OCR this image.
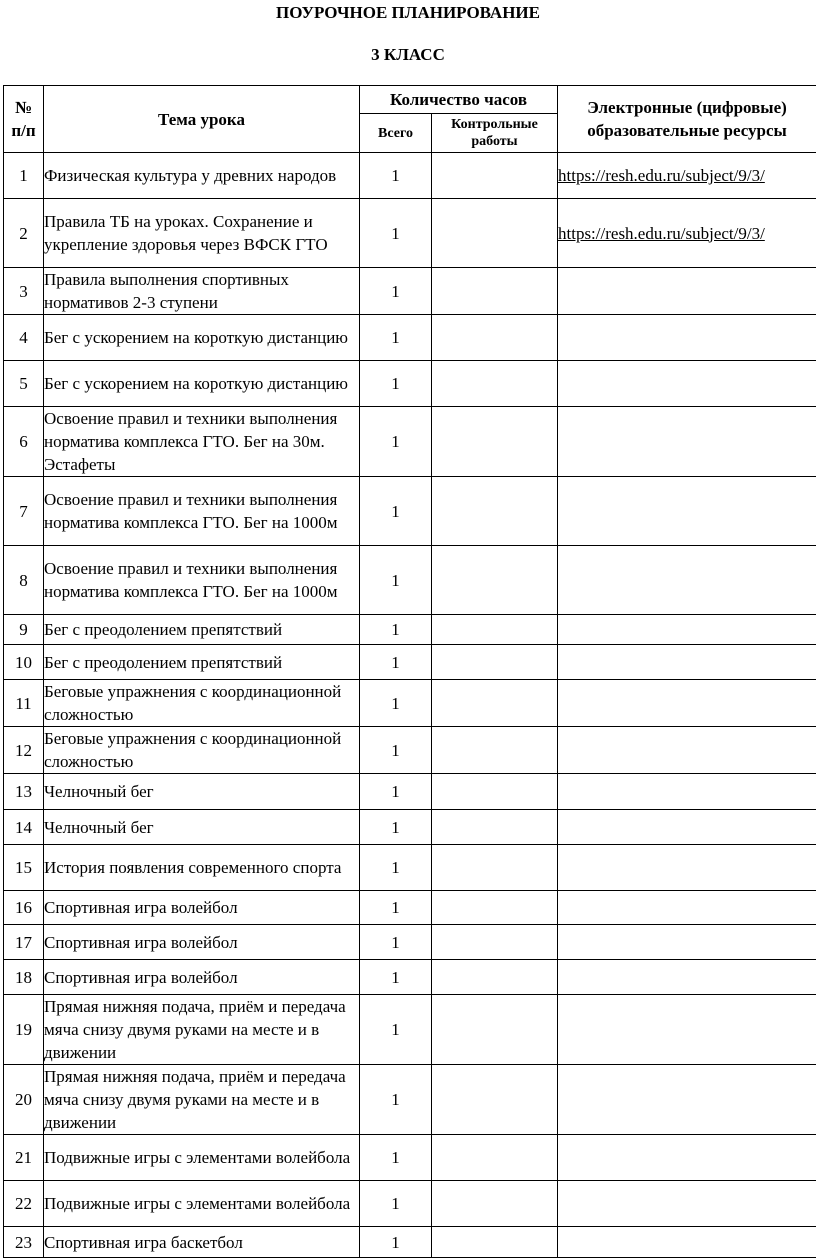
ПОУРОЧНОЕ ПЛАНИРОВАНИЕ
3 КЛАСС
№ п/п	Тема урока	Количество часов		Электронные (цифровые) образовательные ресурсы
		Всего	Контрольные работы	
1	Физическая культура у древних народов	1		https://resh.edu.ru/subject/9/3/
2	Правила ТБ на уроках. Сохранение и укрепление здоровья через ВФСК ГТО	1		https://resh.edu.ru/subject/9/3/
3	Правила выполнения спортивных нормативов 2-3 ступени	1		
4	Бег с ускорением на короткую дистанцию	1		
5	Бег с ускорением на короткую дистанцию	1		
6	Освоение правил и техники выполнения норматива комплекса ГТО. Бег на 30м. Эстафеты	1		
7	Освоение правил и техники выполнения норматива комплекса ГТО. Бег на 1000м	1		
8	Освоение правил и техники выполнения норматива комплекса ГТО. Бег на 1000м	1		
9	Бег с преодолением препятствий	1		
10	Бег с преодолением препятствий	1		
11	Беговые упражнения с координационной сложностью	1		
12	Беговые упражнения с координационной сложностью	1		
13	Челночный бег	1		
14	Челночный бег	1		
15	История появления современного спорта	1		
16	Спортивная игра волейбол	1		
17	Спортивная игра волейбол	1		
18	Спортивная игра волейбол	1		
19	Прямая нижняя подача, приём и передача мяча снизу двумя руками на месте и в движении	1		
20	Прямая нижняя подача, приём и передача мяча снизу двумя руками на месте и в движении	1		
21	Подвижные игры с элементами волейбола	1		
22	Подвижные игры с элементами волейбола	1		
23	Спортивная игра баскетбол	1		
